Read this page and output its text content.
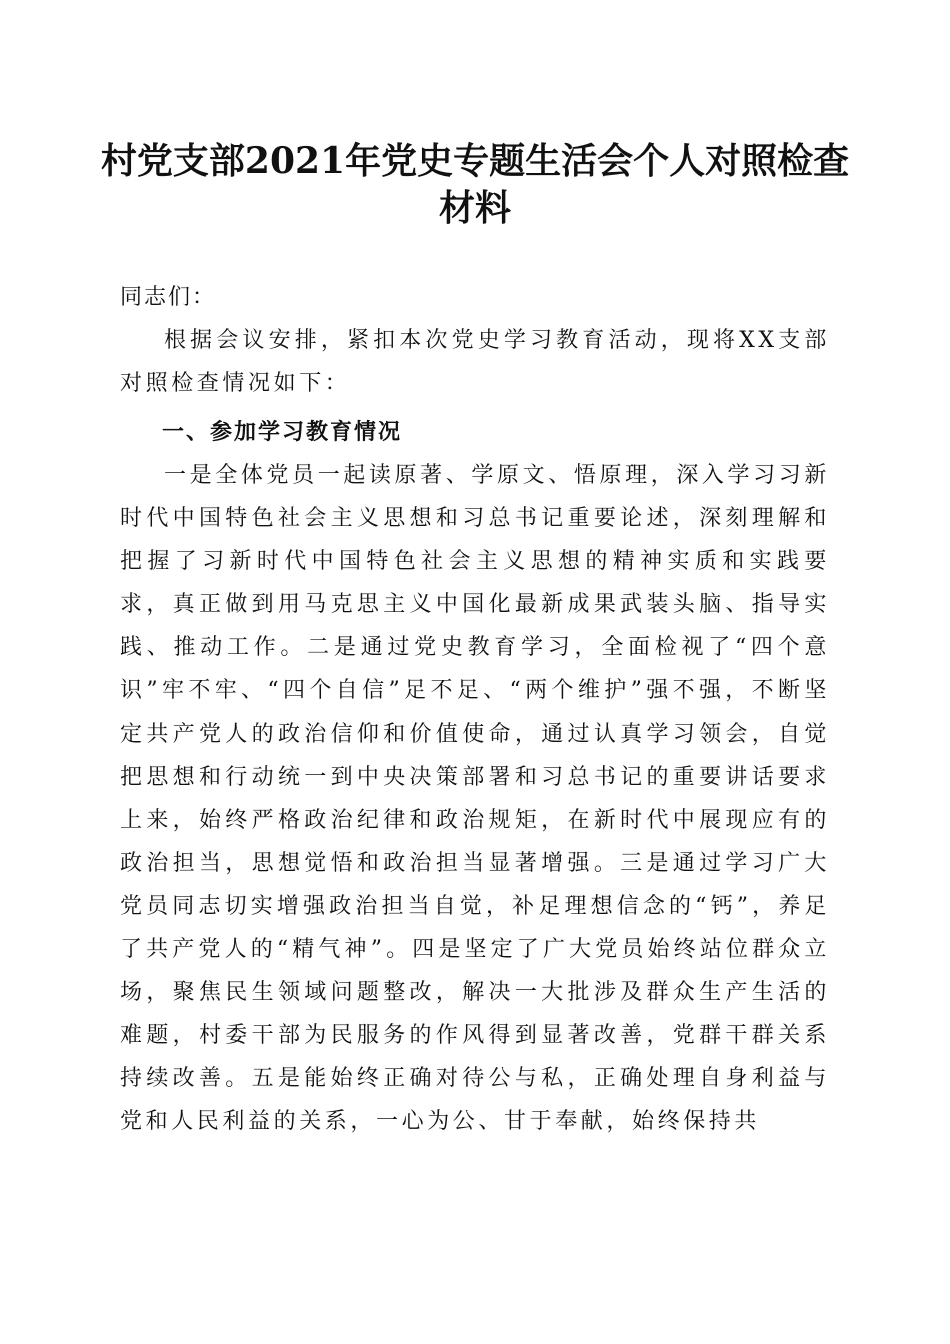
村党支部2021年党史专题生活会个人对照检查材料

同志们：

根据会议安排，紧扣本次党史学习教育活动，现将XX支部对照检查情况如下：

一、参加学习教育情况

一是全体党员一起读原著、学原文、悟原理，深入学习习新时代中国特色社会主义思想和习总书记重要论述，深刻理解和把握了习新时代中国特色社会主义思想的精神实质和实践要求，真正做到用马克思主义中国化最新成果武装头脑、指导实践、推动工作。二是通过党史教育学习，全面检视了“四个意识”牢不牢、“四个自信”足不足、“两个维护”强不强，不断坚定共产党人的政治信仰和价值使命，通过认真学习领会，自觉把思想和行动统一到中央决策部署和习总书记的重要讲话要求上来，始终严格政治纪律和政治规矩，在新时代中展现应有的政治担当，思想觉悟和政治担当显著增强。三是通过学习广大党员同志切实增强政治担当自觉，补足理想信念的“钙”，养足了共产党人的“精气神”。四是坚定了广大党员始终站位群众立场，聚焦民生领域问题整改，解决一大批涉及群众生产生活的难题，村委干部为民服务的作风得到显著改善，党群干群关系持续改善。五是能始终正确对待公与私，正确处理自身利益与党和人民利益的关系，一心为公、甘于奉献，始终保持共
